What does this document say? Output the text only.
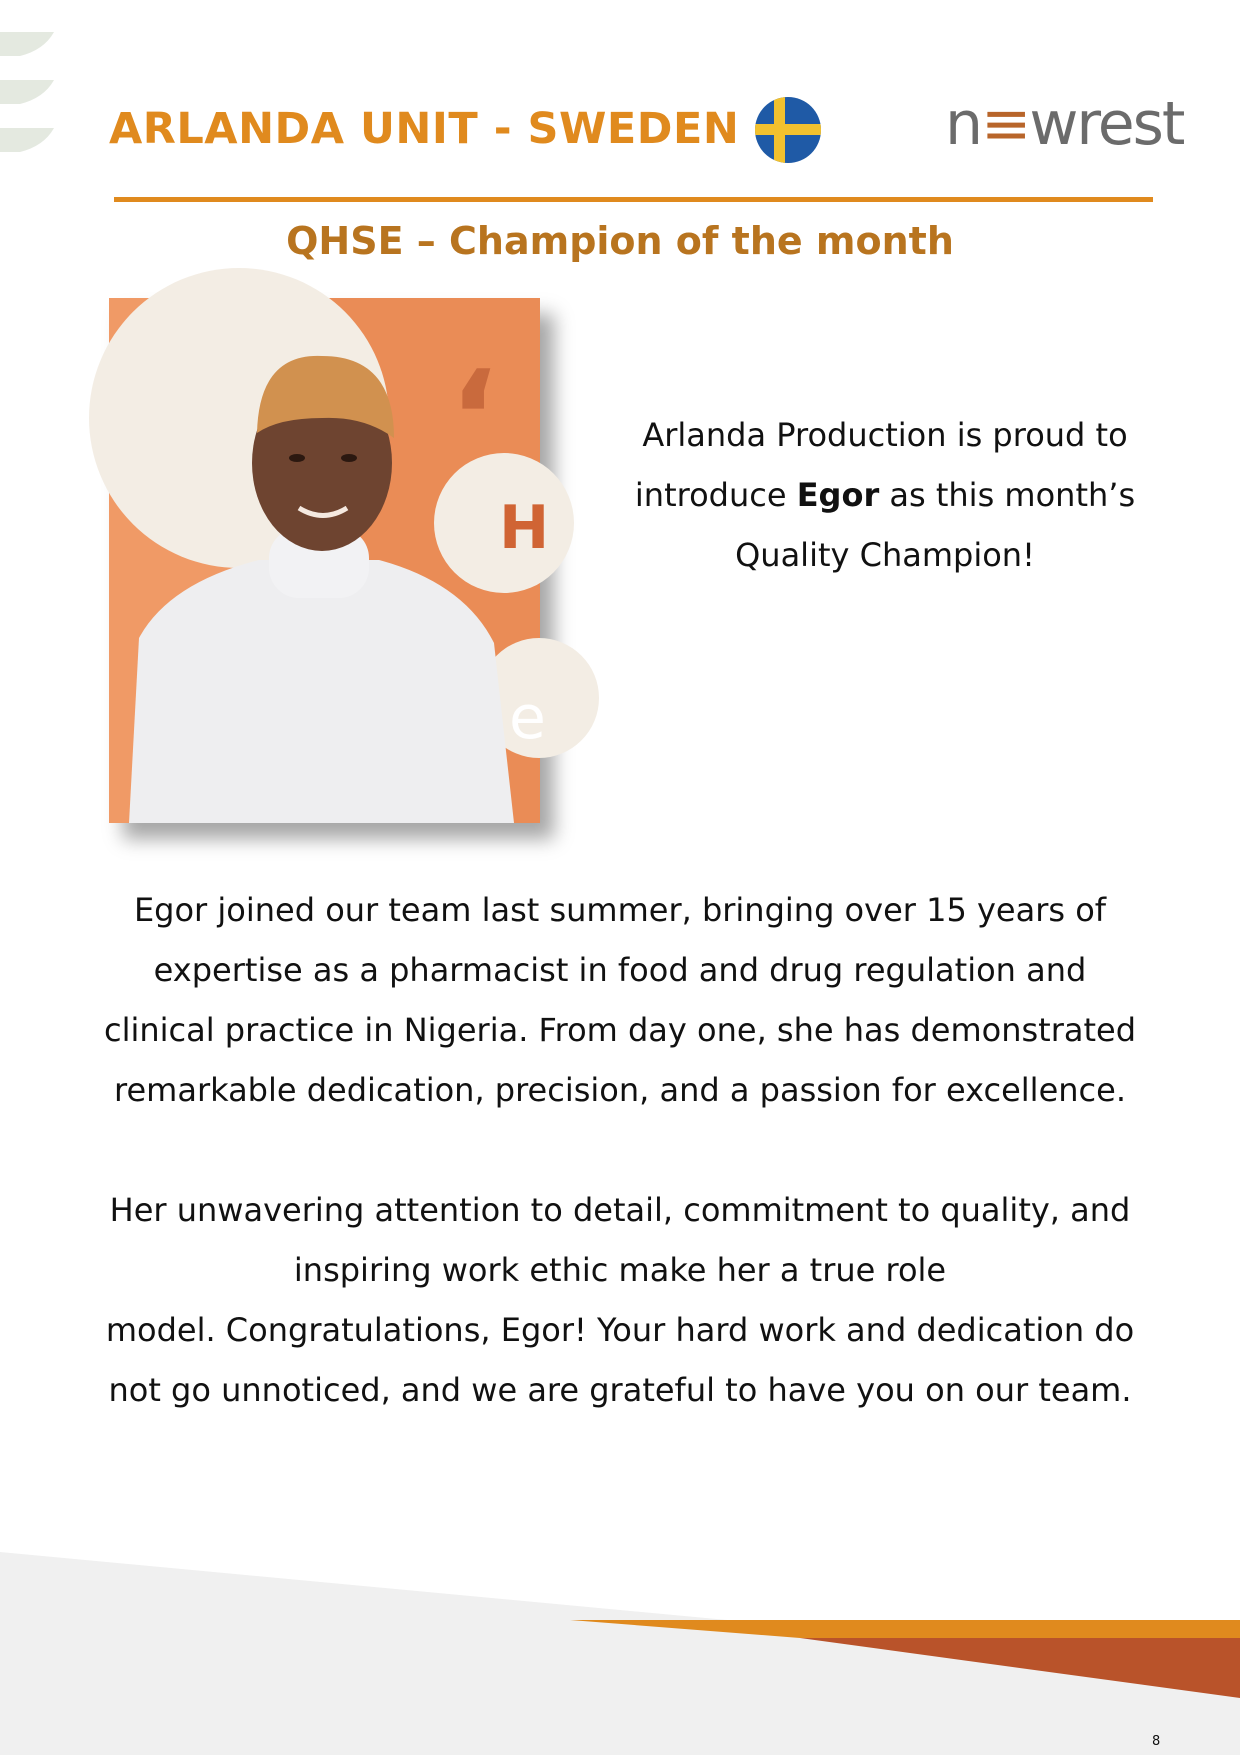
ARLANDA UNIT - SWEDEN	n≡wrest
QHSE – Champion of the month
‘
H
e
Arlanda Production is proud to
introduce Egor as this month’s
Quality Champion!
Egor joined our team last summer, bringing over 15 years of
expertise as a pharmacist in food and drug regulation and
clinical practice in Nigeria. From day one, she has demonstrated
remarkable dedication, precision, and a passion for excellence.
Her unwavering attention to detail, commitment to quality, and
inspiring work ethic make her a true role
model. Congratulations, Egor! Your hard work and dedication do
not go unnoticed, and we are grateful to have you on our team.
8
